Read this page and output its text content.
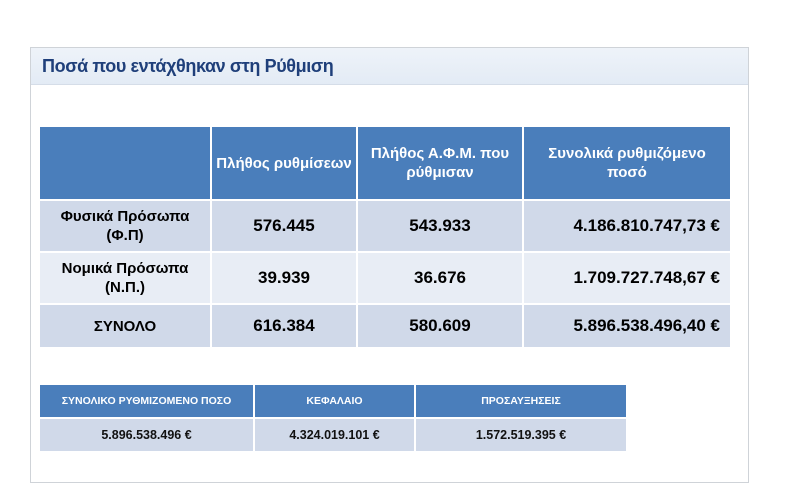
Ποσά που εντάχθηκαν στη Ρύθμιση
	Πλήθος ρυθμίσεων	Πλήθος Α.Φ.Μ. που ρύθμισαν	Συνολικά ρυθμιζόμενο ποσό
Φυσικά Πρόσωπα (Φ.Π)	576.445	543.933	4.186.810.747,73 €
Νομικά Πρόσωπα (Ν.Π.)	39.939	36.676	1.709.727.748,67 €
ΣΥΝΟΛΟ	616.384	580.609	5.896.538.496,40 €
ΣΥΝΟΛΙΚΟ ΡΥΘΜΙΖΟΜΕΝΟ ΠΟΣΟ	ΚΕΦΑΛΑΙΟ	ΠΡΟΣΑΥΞΗΣΕΙΣ
5.896.538.496 €	4.324.019.101 €	1.572.519.395 €
